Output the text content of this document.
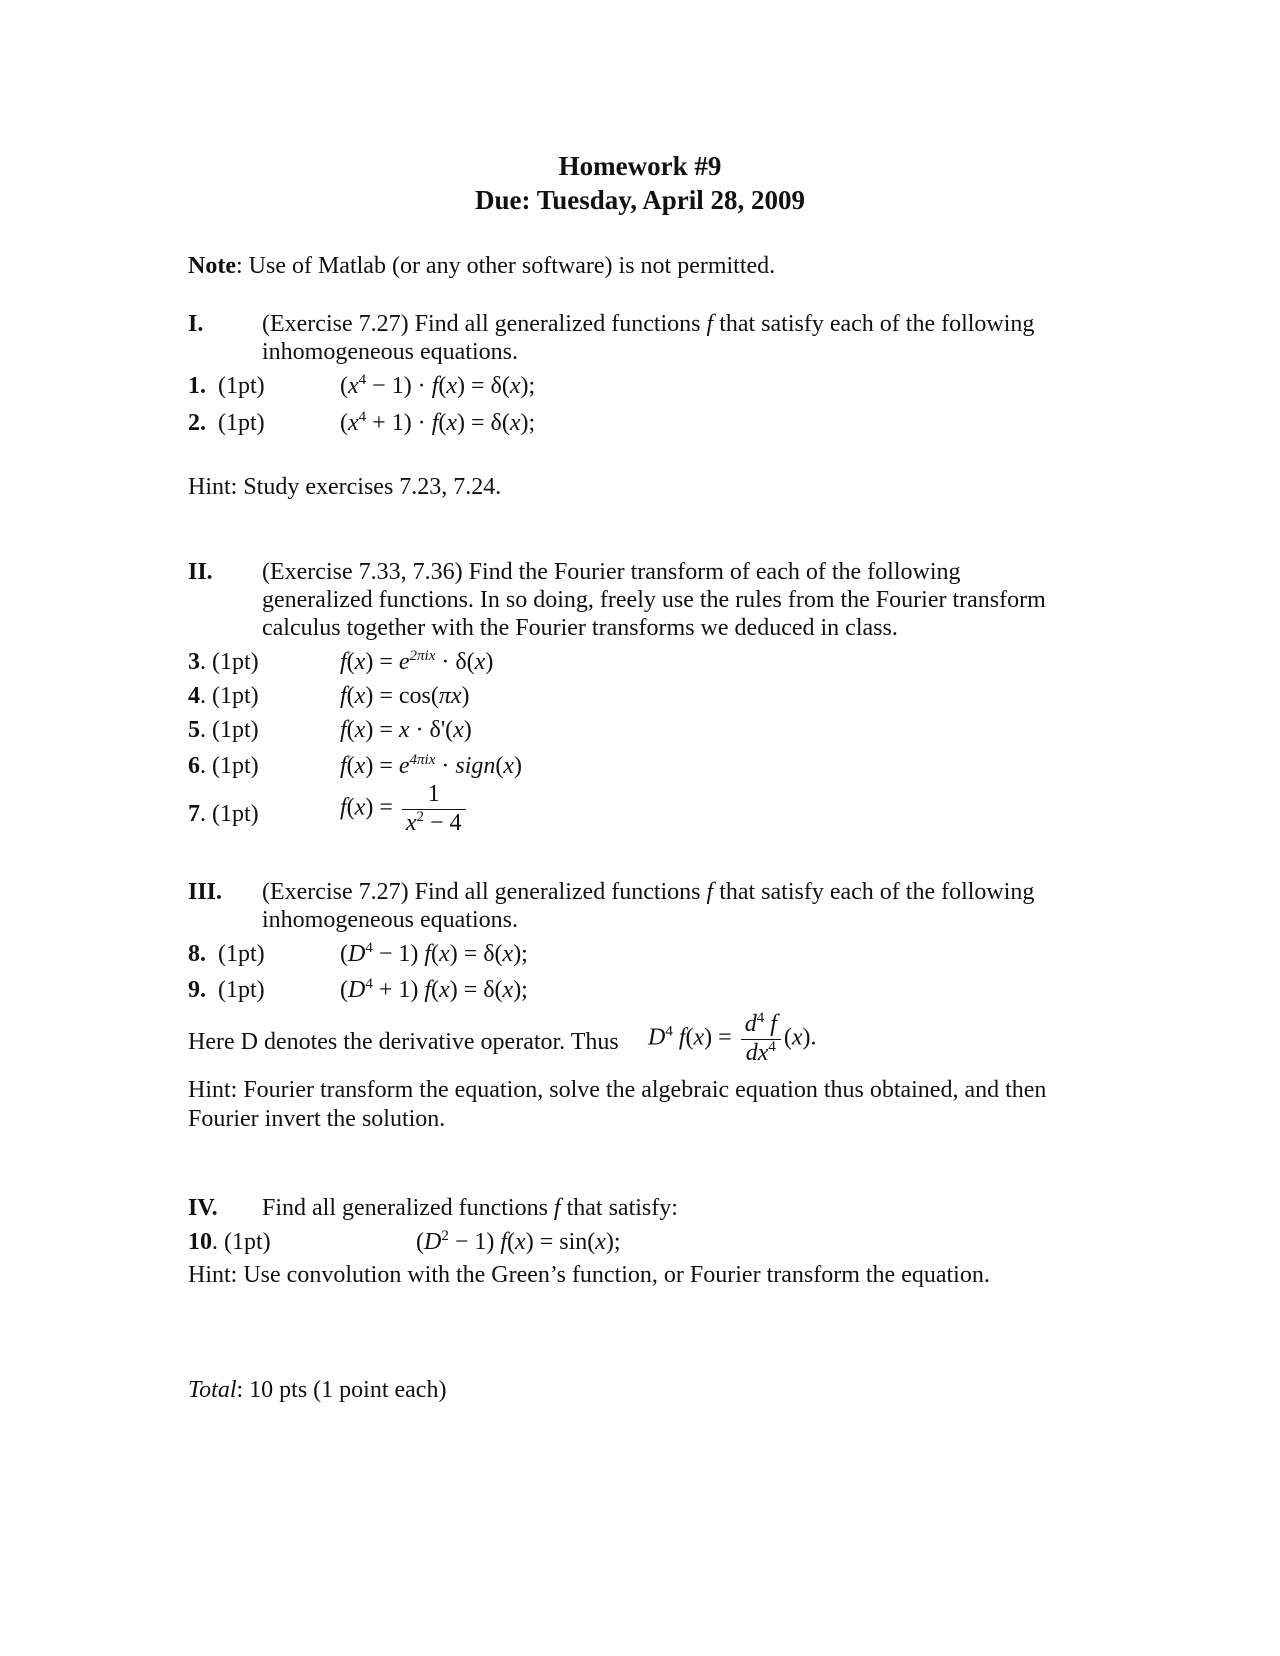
Homework #9
Due: Tuesday, April 28, 2009
Note: Use of Matlab (or any other software) is not permitted.
I. (Exercise 7.27) Find all generalized functions f that satisfy each of the following
inhomogeneous equations.
1. (1pt)	$(x^4 - 1) \cdot f(x) = \delta(x)$;
2. (1pt)	$(x^4 + 1) \cdot f(x) = \delta(x)$;
Hint: Study exercises 7.23, 7.24.
II. (Exercise 7.33, 7.36) Find the Fourier transform of each of the following
generalized functions. In so doing, freely use the rules from the Fourier transform
calculus together with the Fourier transforms we deduced in class.
3. (1pt)	$f(x) = e^{2\pi ix} \cdot \delta(x)$
4. (1pt)	f(x) = cos(πx)
5. (1pt)	f(x) = x · δ'(x)
6. (1pt)	$f(x) = e^{4\pi ix}$ · sign(x)
7. (1pt)	$f(x) = \frac{1}{x^2 - 4}$
III. (Exercise 7.27) Find all generalized functions f that satisfy each of the following
inhomogeneous equations.
8. (1pt)	$(D^4 - 1) f(x) = \delta(x)$;
9. (1pt)	$(D^4 + 1) f(x) = \delta(x)$;
Here D denotes the derivative operator. Thus $D^4$ $f(x) = \frac{d^4 f}{dx^4} (x)$.
Hint: Fourier transform the equation, solve the algebraic equation thus obtained, and then
Fourier invert the solution.
IV. Find all generalized functions f that satisfy:
10. (1pt)	$(D^2 - 1) f(x) = \sin(x)$;
Hint: Use convolution with the Green’s function, or Fourier transform the equation.
Total: 10 pts (1 point each)
